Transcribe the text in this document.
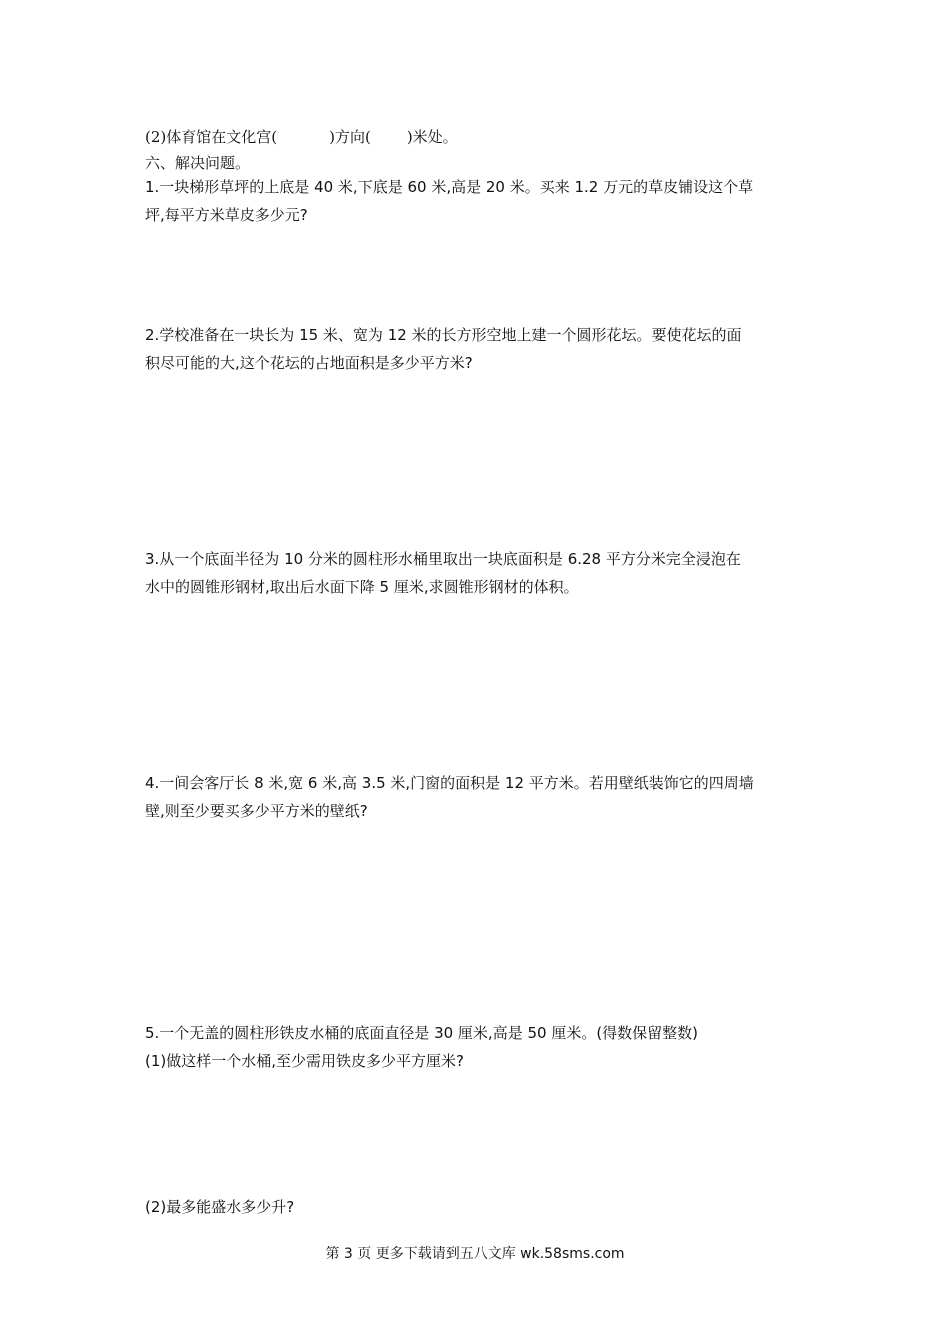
(2)体育馆在文化宫(	)方向( )米处。
六、解决问题。
1.一块梯形草坪的上底是 40 米,下底是 60 米,高是 20 米。买来 1.2 万元的草皮铺设这个草
坪,每平方米草皮多少元?
2.学校准备在一块长为 15 米、宽为 12 米的长方形空地上建一个圆形花坛。要使花坛的面
积尽可能的大,这个花坛的占地面积是多少平方米?
3.从一个底面半径为 10 分米的圆柱形水桶里取出一块底面积是 6.28 平方分米完全浸泡在
水中的圆锥形钢材,取出后水面下降 5 厘米,求圆锥形钢材的体积。
4.一间会客厅长 8 米,宽 6 米,高 3.5 米,门窗的面积是 12 平方米。若用壁纸装饰它的四周墙
壁,则至少要买多少平方米的壁纸?
5.一个无盖的圆柱形铁皮水桶的底面直径是 30 厘米,高是 50 厘米。(得数保留整数)
(1)做这样一个水桶,至少需用铁皮多少平方厘米?
(2)最多能盛水多少升?
第 3 页 更多下载请到五八文库 wk.58sms.com
